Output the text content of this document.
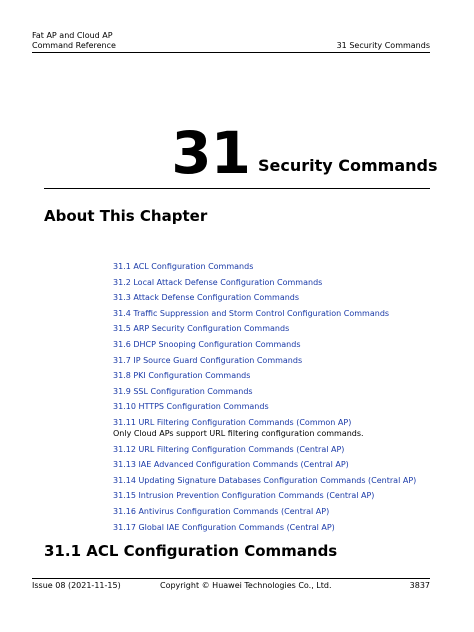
Fat AP and Cloud AP
Command Reference	31 Security Commands
31 Security Commands
About This Chapter
31.1 ACL Configuration Commands
31.2 Local Attack Defense Configuration Commands
31.3 Attack Defense Configuration Commands
31.4 Traffic Suppression and Storm Control Configuration Commands
31.5 ARP Security Configuration Commands
31.6 DHCP Snooping Configuration Commands
31.7 IP Source Guard Configuration Commands
31.8 PKI Configuration Commands
31.9 SSL Configuration Commands
31.10 HTTPS Configuration Commands
31.11 URL Filtering Configuration Commands (Common AP)
Only Cloud APs support URL filtering configuration commands.
31.12 URL Filtering Configuration Commands (Central AP)
31.13 IAE Advanced Configuration Commands (Central AP)
31.14 Updating Signature Databases Configuration Commands (Central AP)
31.15 Intrusion Prevention Configuration Commands (Central AP)
31.16 Antivirus Configuration Commands (Central AP)
31.17 Global IAE Configuration Commands (Central AP)
31.1 ACL Configuration Commands
Issue 08 (2021-11-15)	Copyright © Huawei Technologies Co., Ltd.	3837
